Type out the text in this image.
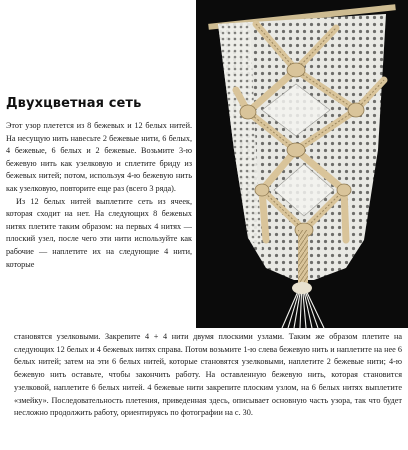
Двухцветная сеть

Этот узор плетется из 8 бежевых и 12 белых нитей. На несущую нить навесьте 2 бежевые нити, 6 белых, 4 бежевые, 6 белых и 2 бежевые. Возьмите 3-ю бежевую нить как узелковую и сплетите бриду из бежевых нитей; потом, используя 4-ю бежевую нить как узелковую, повторите еще раз (всего 3 ряда).

Из 12 белых нитей выплетите сеть из ячеек, которая сходит на нет. На следующих 8 бежевых нитях плетите таким образом: на первых 4 нитях — плоский узел, после чего эти нити используйте как рабочие — наплетите их на следующие 4 нити, которые

становятся узелковыми. Закрепите 4 + 4 нити двумя плоскими узлами. Таким же образом плетите на следующих 12 белых и 4 бежевых нитях справа. Потом возьмите 1-ю слева бежевую нить и наплетите на нее 6 белых нитей; затем на эти 6 белых нитей, которые становятся узелковыми, наплетите 2 бежевые нити; 4-ю бежевую нить оставьте, чтобы закончить работу. На оставленную бежевую нить, которая становится узелковой, наплетите 6 белых нитей. 4 бежевые нити закрепите плоским узлом, на 6 белых нитях выплетите «змейку». Последовательность плетения, приведенная здесь, описывает основную часть узора, так что будет несложно продолжить работу, ориентируясь по фотографии на с. 30.
